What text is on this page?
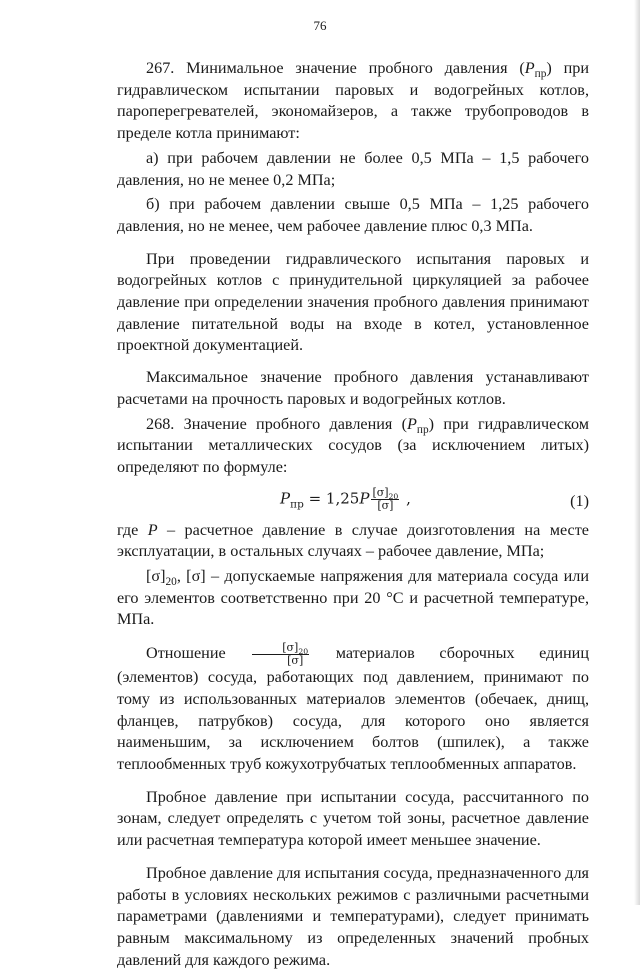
76

267. Минимальное значение пробного давления $(P_{пр})$ при гидравлическом испытании паровых и водогрейных котлов, пароперегревателей, экономайзеров, а также трубопроводов в пределе котла принимают:

а) при рабочем давлении не более 0,5 МПа – 1,5 рабочего давления, но не менее 0,2 МПа;

б) при рабочем давлении свыше 0,5 МПа – 1,25 рабочего давления, но не менее, чем рабочее давление плюс 0,3 МПа.

При проведении гидравлического испытания паровых и водогрейных котлов с принудительной циркуляцией за рабочее давление при определении значения пробного давления принимают давление питательной воды на входе в котел, установленное проектной документацией.

Максимальное значение пробного давления устанавливают расчетами на прочность паровых и водогрейных котлов.

268. Значение пробного давления $(P_{пр})$ при гидравлическом испытании металлических сосудов (за исключением литых) определяют по формуле:

$P_{пр} = 1,25P \frac{[\sigma]_{20}}{[\sigma]}$ ,	(1)

где P – расчетное давление в случае доизготовления на месте эксплуатации, в остальных случаях – рабочее давление, МПа;

$[\sigma]_{20}$, [σ] – допускаемые напряжения для материала сосуда или его элементов соответственно при 20 °С и расчетной температуре, МПа.

Отношение $\frac{[\sigma]_{20}}{[\sigma]}$ материалов сборочных единиц (элементов) сосуда, работающих под давлением, принимают по тому из использованных материалов элементов (обечаек, днищ, фланцев, патрубков) сосуда, для которого оно является наименьшим, за исключением болтов (шпилек), а также теплообменных труб кожухотрубчатых теплообменных аппаратов.

Пробное давление при испытании сосуда, рассчитанного по зонам, следует определять с учетом той зоны, расчетное давление или расчетная температура которой имеет меньшее значение.

Пробное давление для испытания сосуда, предназначенного для работы в условиях нескольких режимов с различными расчетными параметрами (давлениями и температурами), следует принимать равным максимальному из определенных значений пробных давлений для каждого режима.
